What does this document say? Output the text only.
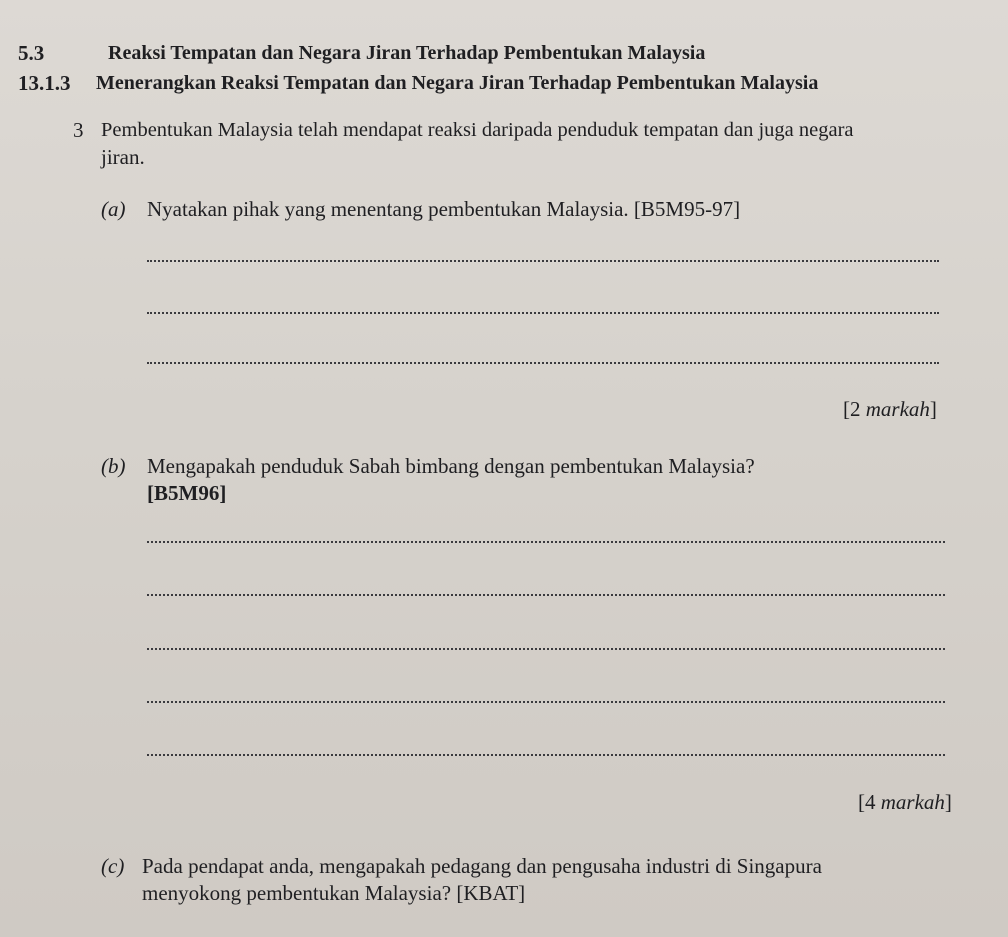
5.3	Reaksi Tempatan dan Negara Jiran Terhadap Pembentukan Malaysia
13.1.3 Menerangkan Reaksi Tempatan dan Negara Jiran Terhadap Pembentukan Malaysia
3 Pembentukan Malaysia telah mendapat reaksi daripada penduduk tempatan dan juga negara
jiran.
(a) Nyatakan pihak yang menentang pembentukan Malaysia. [B5M95-97]
[2 markah]
(b) Mengapakah penduduk Sabah bimbang dengan pembentukan Malaysia?
[B5M96]
[4 markah]
(c) Pada pendapat anda, mengapakah pedagang dan pengusaha industri di Singapura
menyokong pembentukan Malaysia? [KBAT]
